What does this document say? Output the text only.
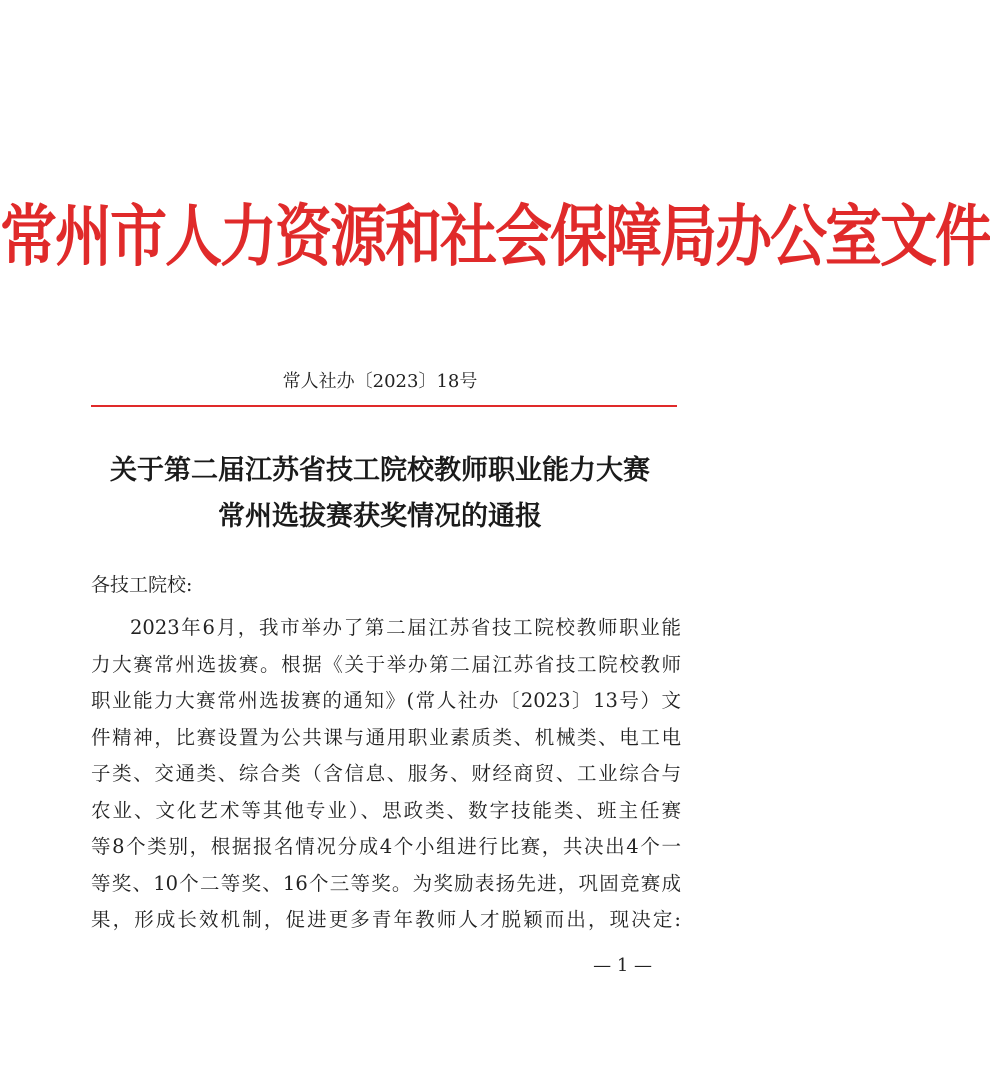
常州市人力资源和社会保障局办公室文件
常人社办〔2023〕18号
关于第二届江苏省技工院校教师职业能力大赛
常州选拔赛获奖情况的通报
各技工院校:
2023年6月，我市举办了第二届江苏省技工院校教师职业能
力大赛常州选拔赛。根据《关于举办第二届江苏省技工院校教师
职业能力大赛常州选拔赛的通知》(常人社办〔2023〕13号）文
件精神，比赛设置为公共课与通用职业素质类、机械类、电工电
子类、交通类、综合类（含信息、服务、财经商贸、工业综合与
农业、文化艺术等其他专业）、思政类、数字技能类、班主任赛
等8个类别，根据报名情况分成4个小组进行比赛，共决出4个一
等奖、10个二等奖、16个三等奖。为奖励表扬先进，巩固竞赛成
果，形成长效机制，促进更多青年教师人才脱颖而出，现决定:
— 1 —
